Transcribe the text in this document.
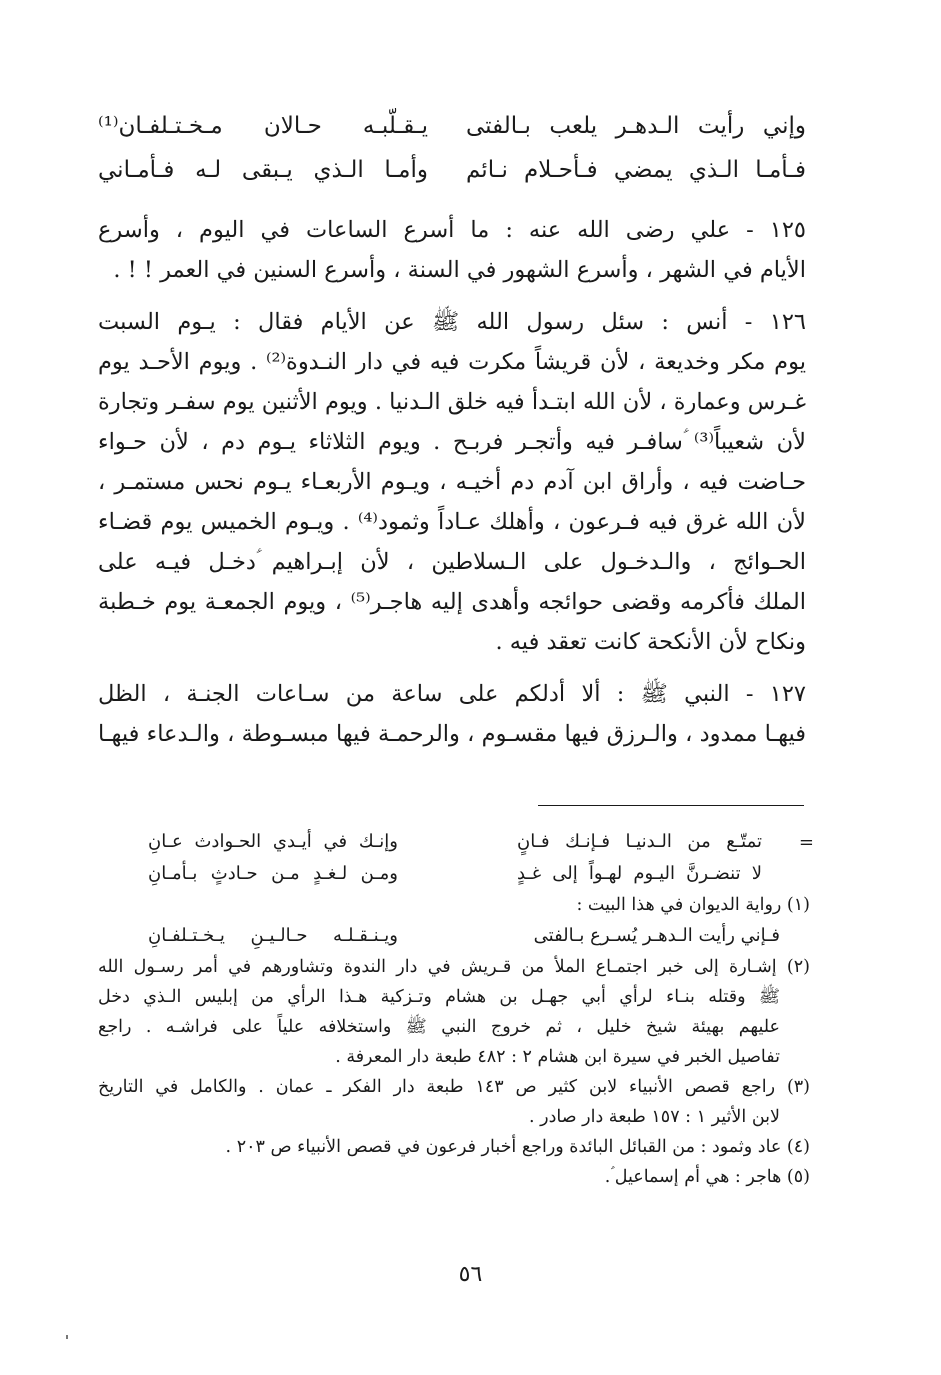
وإني رأيت الـدهـر يلعب بـالفتى
يـقـلّبـه حـالان مـخـتـلفـان⁽¹⁾
فـأمـا الـذي يمضي فـأحـلام نـائم
وأمـا الـذي يـبقى لـه فـأمـاني
١٢٥ - علي رضى الله عنه : ما أسرع الساعات في اليوم ، وأسرع
الأيام في الشهر ، وأسرع الشهور في السنة ، وأسرع السنين في العمر ! ! .
١٢٦ - أنس : سئل رسول الله ﷺ عن الأيام فقال : يـوم السبت
يوم مكر وخديعة ، لأن قريشاً مكرت فيه في دار النـدوة⁽²⁾ . ويوم الأحـد يوم
غـرس وعمارة ، لأن الله ابتـدأ فيه خلق الـدنيا . ويوم الأثنين يوم سفـر وتجارة
لأن شعيباً⁽³⁾ ؑسافـر فيه وأتجـر فربـح . ويوم الثلاثاء يـوم دم ، لأن حـواء
حـاضت فيه ، وأراق ابن آدم دم أخيـه ، ويـوم الأربعـاء يـوم نحس مستمـر ،
لأن الله غرق فيه فـرعون ، وأهلك عـاداً وثمود⁽⁴⁾ . ويـوم الخميس يوم قضـاء
الحـوائج ، والـدخـول على الـسلاطين ، لأن إبـراهيم ؑدخـل فيـه على
الملك فأكرمه وقضى حوائجه وأهدى إليه هاجـر⁽⁵⁾ ، ويوم الجمعـة يوم خـطبة
ونكاح لأن الأنكحة كانت تعقد فيه .
١٢٧ - النبي ﷺ : ألا أدلكم على ساعة من سـاعات الجنـة ، الظل
فيهـا ممدود ، والـرزق فيها مقسـوم ، والرحمـة فيها مبسـوطة ، والـدعاء فيهـا
=
تمتّـع من الـدنيـا فـإنـك فـانٍ
وإنـك في أيـدي الحـوادث عـانِ
لا تنضـرنَّ اليـوم لهـواً إلى غـدٍ
ومـن لـغـدٍ مـن حـادثٍ بـأمـانِ
(١) رواية الديوان في هذا البيت :
فـإني رأيت الـدهـر يُسـرع بـالفتى
ويـنـقـلـه حـالـيـنِ يـخـتـلفـانِ
(٢) إشـارة إلى خبر اجتمـاع الملأ من قـريش في دار الندوة وتشاورهم في أمر رسـول الله
ﷺ وقتله بنـاء لرأي أبي جهـل بن هشام وتـزكية هـذا الرأي من إبليس الـذي دخل
عليهم بهيئة شيخ خليل ، ثم خروج النبي ﷺ واستخلافه علياً على فراشـه . راجع
تفاصيل الخبر في سيرة ابن هشام ٢ : ٤٨٢ طبعة دار المعرفة .
(٣) راجع قصص الأنبياء لابن كثير ص ١٤٣ طبعة دار الفكر ـ عمان . والكامل في التاريخ
لابن الأثير ١ : ١٥٧ طبعة دار صادر .
(٤) عاد وثمود : من القبائل البائدة وراجع أخبار فرعون في قصص الأنبياء ص ٢٠٣ .
(٥) هاجر : هي أم إسماعيل ؑ.
٥٦
